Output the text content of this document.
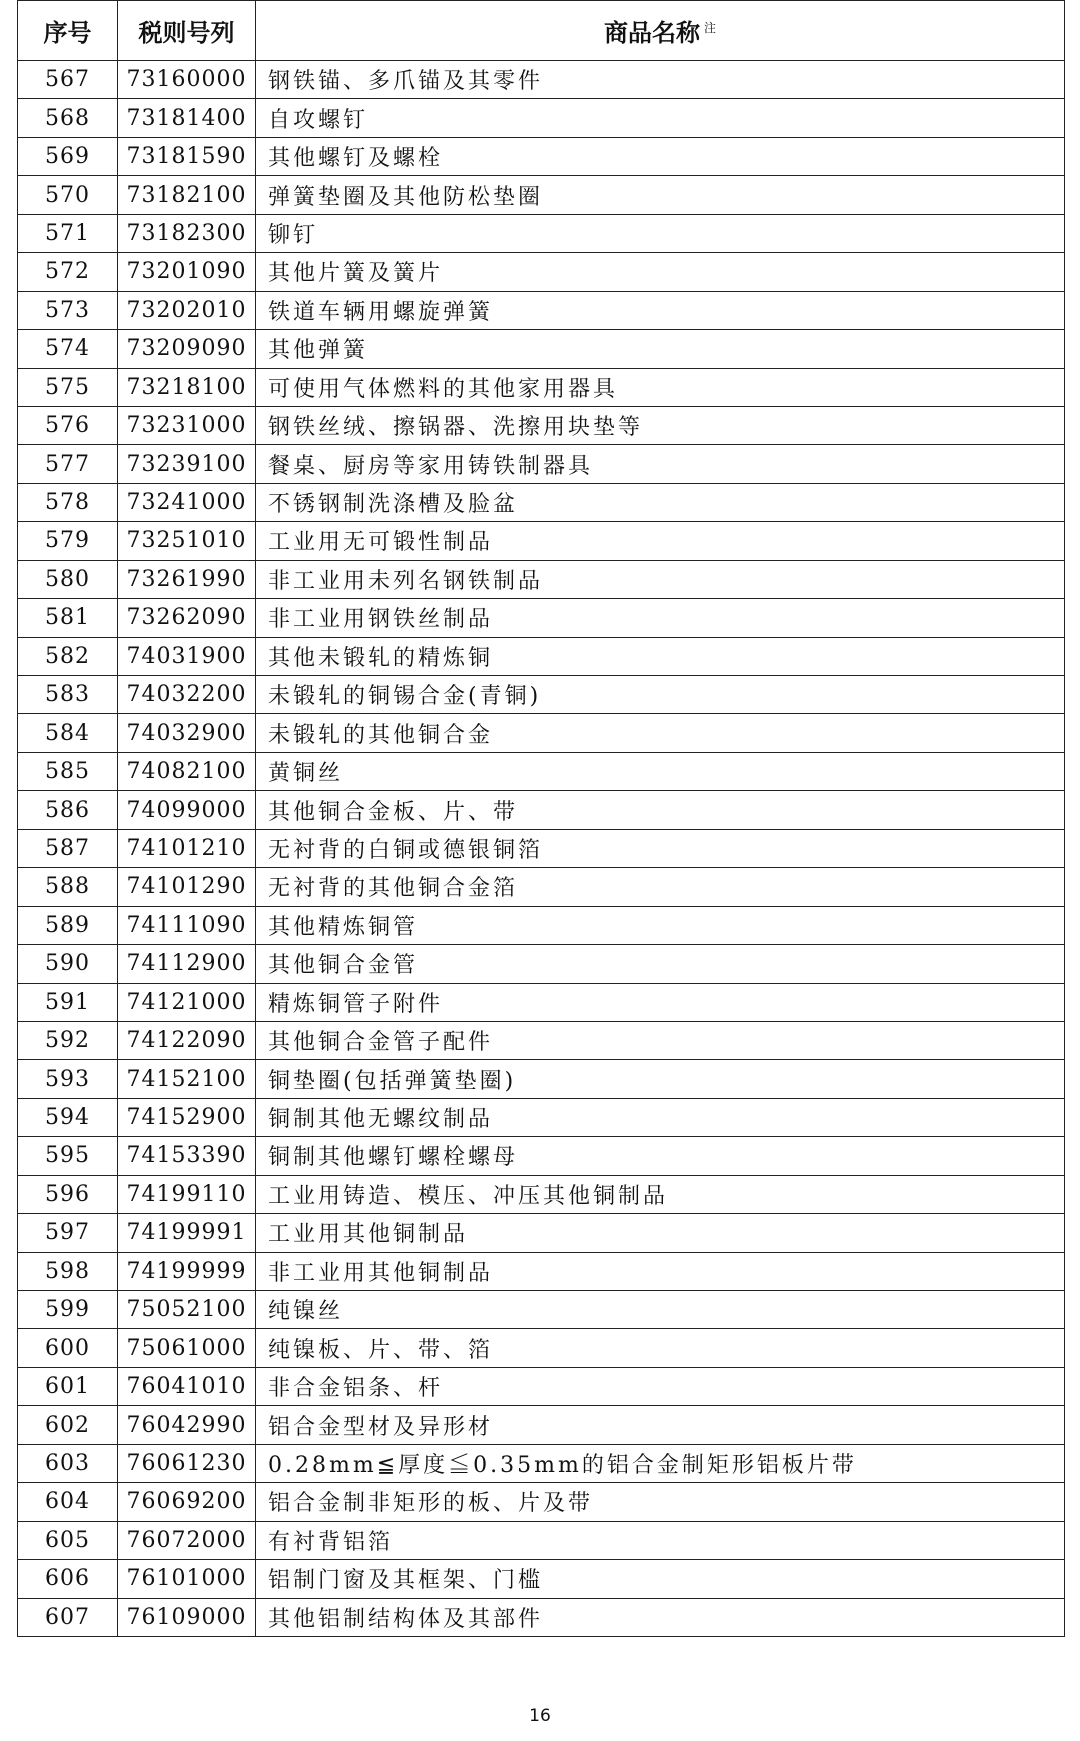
序号	税则号列	商品名称 $^注$
567	73160000	钢铁锚、多爪锚及其零件
568	73181400	自攻螺钉
569	73181590	其他螺钉及螺栓
570	73182100	弹簧垫圈及其他防松垫圈
571	73182300	铆钉
572	73201090	其他片簧及簧片
573	73202010	铁道车辆用螺旋弹簧
574	73209090	其他弹簧
575	73218100	可使用气体燃料的其他家用器具
576	73231000	钢铁丝绒、擦锅器、洗擦用块垫等
577	73239100	餐桌、厨房等家用铸铁制器具
578	73241000	不锈钢制洗涤槽及脸盆
579	73251010	工业用无可锻性制品
580	73261990	非工业用未列名钢铁制品
581	73262090	非工业用钢铁丝制品
582	74031900	其他未锻轧的精炼铜
583	74032200	未锻轧的铜锡合金(青铜)
584	74032900	未锻轧的其他铜合金
585	74082100	黄铜丝
586	74099000	其他铜合金板、片、带
587	74101210	无衬背的白铜或德银铜箔
588	74101290	无衬背的其他铜合金箔
589	74111090	其他精炼铜管
590	74112900	其他铜合金管
591	74121000	精炼铜管子附件
592	74122090	其他铜合金管子配件
593	74152100	铜垫圈(包括弹簧垫圈)
594	74152900	铜制其他无螺纹制品
595	74153390	铜制其他螺钉螺栓螺母
596	74199110	工业用铸造、模压、冲压其他铜制品
597	74199991	工业用其他铜制品
598	74199999	非工业用其他铜制品
599	75052100	纯镍丝
600	75061000	纯镍板、片、带、箔
601	76041010	非合金铝条、杆
602	76042990	铝合金型材及异形材
603	76061230	0.28mm≦厚度≦0.35mm的铝合金制矩形铝板片带
604	76069200	铝合金制非矩形的板、片及带
605	76072000	有衬背铝箔
606	76101000	铝制门窗及其框架、门槛
607	76109000	其他铝制结构体及其部件
16
